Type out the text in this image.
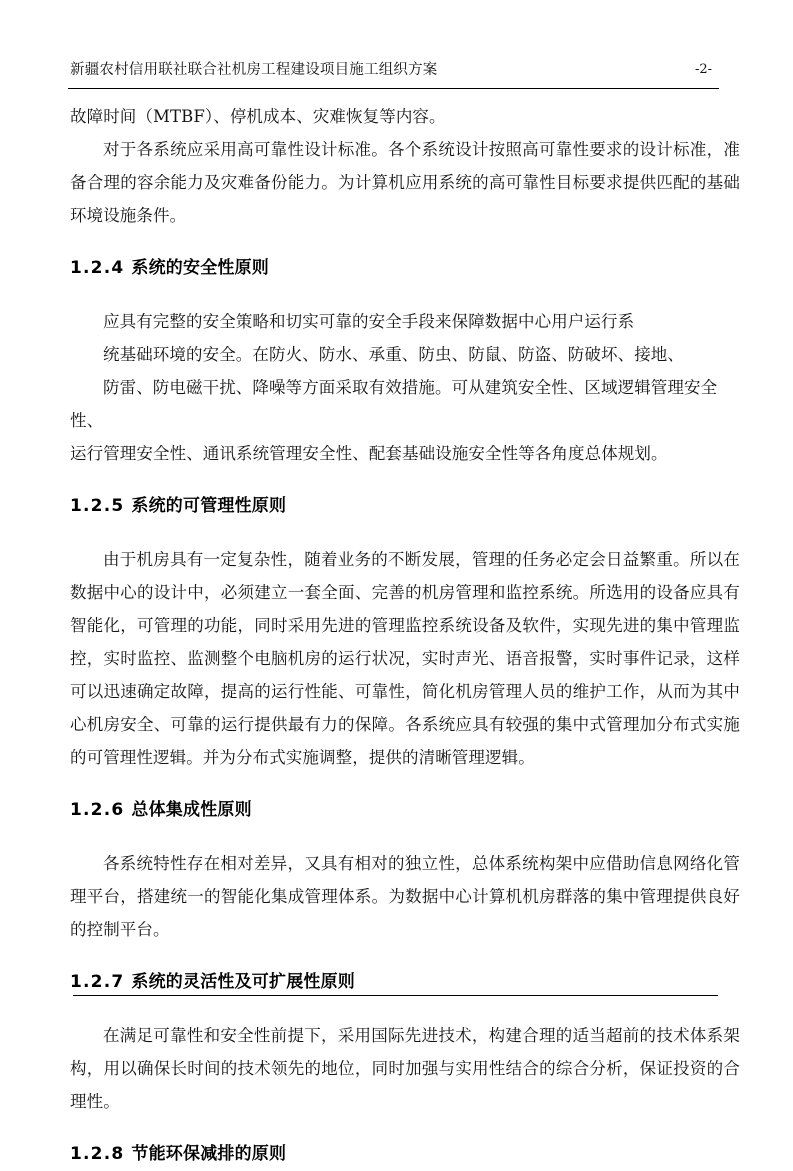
新疆农村信用联社联合社机房工程建设项目施工组织方案	-2-

故障时间（MTBF）、停机成本、灾难恢复等内容。

对于各系统应采用高可靠性设计标准。各个系统设计按照高可靠性要求的设计标准，准备合理的容余能力及灾难备份能力。为计算机应用系统的高可靠性目标要求提供匹配的基础环境设施条件。

1.2.4 系统的安全性原则

应具有完整的安全策略和切实可靠的安全手段来保障数据中心用户运行系

统基础环境的安全。在防火、防水、承重、防虫、防鼠、防盗、防破坏、接地、

防雷、防电磁干扰、降噪等方面采取有效措施。可从建筑安全性、区域逻辑管理安全性、

运行管理安全性、通讯系统管理安全性、配套基础设施安全性等各角度总体规划。

1.2.5 系统的可管理性原则

由于机房具有一定复杂性，随着业务的不断发展，管理的任务必定会日益繁重。所以在数据中心的设计中，必须建立一套全面、完善的机房管理和监控系统。所选用的设备应具有智能化，可管理的功能，同时采用先进的管理监控系统设备及软件，实现先进的集中管理监控，实时监控、监测整个电脑机房的运行状况，实时声光、语音报警，实时事件记录，这样可以迅速确定故障，提高的运行性能、可靠性，简化机房管理人员的维护工作，从而为其中心机房安全、可靠的运行提供最有力的保障。各系统应具有较强的集中式管理加分布式实施的可管理性逻辑。并为分布式实施调整，提供的清晰管理逻辑。

1.2.6 总体集成性原则

各系统特性存在相对差异，又具有相对的独立性，总体系统构架中应借助信息网络化管理平台，搭建统一的智能化集成管理体系。为数据中心计算机机房群落的集中管理提供良好的控制平台。

1.2.7 系统的灵活性及可扩展性原则

在满足可靠性和安全性前提下，采用国际先进技术，构建合理的适当超前的技术体系架构，用以确保长时间的技术领先的地位，同时加强与实用性结合的综合分析，保证投资的合理性。

1.2.8 节能环保减排的原则
